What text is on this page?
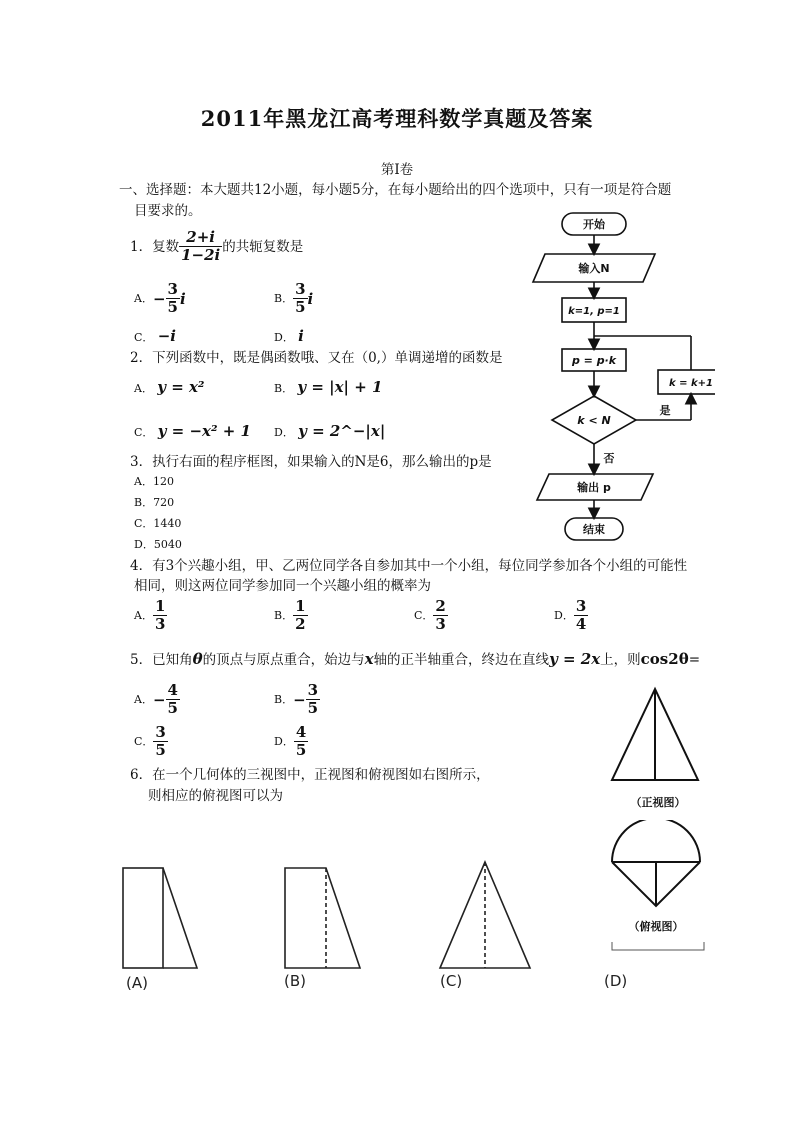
2011年黑龙江高考理科数学真题及答案
第Ⅰ卷
一、选择题：本大题共12小题，每小题5分，在每小题给出的四个选项中，只有一项是符合题
目要求的。
1．复数 $\frac{2+i}{1-2i}$ 的共轭复数是
A． − $\frac{3}{5}$ i	B． $\frac{3}{5}$ i
C． −i	D． i
2．下列函数中，既是偶函数哦、又在（0,）单调递增的函数是
A． y = x²	B． y = |x| + 1
C． y = −x² + 1 D． y = 2^−|x|
3．执行右面的程序框图，如果输入的N是6，那么输出的p是
A．120
B．720
C．1440
D．5040
开始
输入N
k=1, p=1
p = p·k
k < N
是
k = k+1
否
输出 p
结束
4．有3个兴趣小组，甲、乙两位同学各自参加其中一个小组，每位同学参加各个小组的可能性
相同，则这两位同学参加同一个兴趣小组的概率为
A． $\frac{1}{3}$	B． $\frac{1}{2}$	C． $\frac{2}{3}$	D． $\frac{3}{4}$
5．已知角θ的顶点与原点重合，始边与x轴的正半轴重合，终边在直线y = 2x上，则cos2θ=
A． − $\frac{4}{5}$	B． − $\frac{3}{5}$
C． $\frac{3}{5}$	D． $\frac{4}{5}$
6．在一个几何体的三视图中，正视图和俯视图如右图所示，
则相应的俯视图可以为	（正视图）
（俯视图）
(A)	(B)	(C)	(D)
